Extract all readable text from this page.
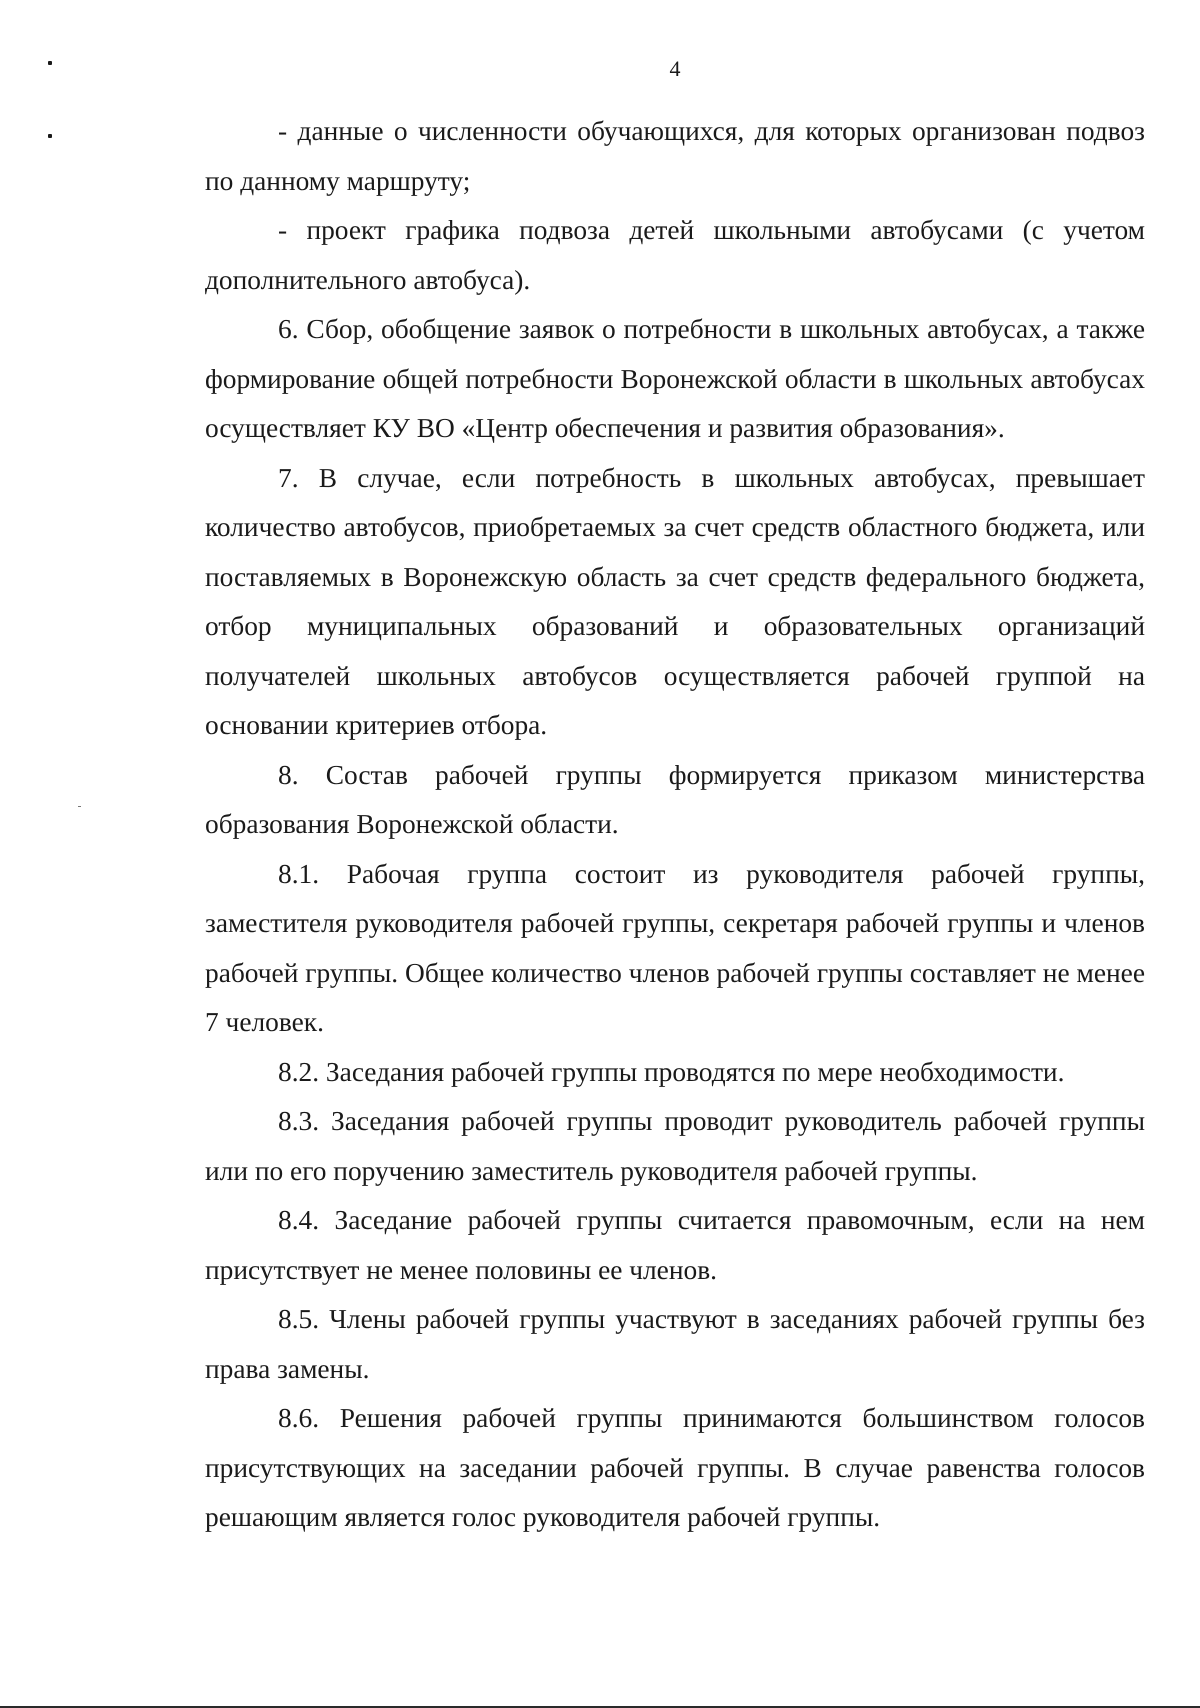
4

- данные о численности обучающихся, для которых организован подвоз по данному маршруту;

- проект графика подвоза детей школьными автобусами (с учетом дополнительного автобуса).

6. Сбор, обобщение заявок о потребности в школьных автобусах, а также формирование общей потребности Воронежской области в школьных автобусах осуществляет КУ ВО «Центр обеспечения и развития образования».

7. В случае, если потребность в школьных автобусах, превышает количество автобусов, приобретаемых за счет средств областного бюджета, или поставляемых в Воронежскую область за счет средств федерального бюджета, отбор муниципальных образований и образовательных организаций получателей школьных автобусов осуществляется рабочей группой на основании критериев отбора.

8. Состав рабочей группы формируется приказом министерства образования Воронежской области.

8.1. Рабочая группа состоит из руководителя рабочей группы, заместителя руководителя рабочей группы, секретаря рабочей группы и членов рабочей группы. Общее количество членов рабочей группы составляет не менее 7 человек.

8.2. Заседания рабочей группы проводятся по мере необходимости.

8.3. Заседания рабочей группы проводит руководитель рабочей группы или по его поручению заместитель руководителя рабочей группы.

8.4. Заседание рабочей группы считается правомочным, если на нем присутствует не менее половины ее членов.

8.5. Члены рабочей группы участвуют в заседаниях рабочей группы без права замены.

8.6. Решения рабочей группы принимаются большинством голосов присутствующих на заседании рабочей группы. В случае равенства голосов решающим является голос руководителя рабочей группы.
